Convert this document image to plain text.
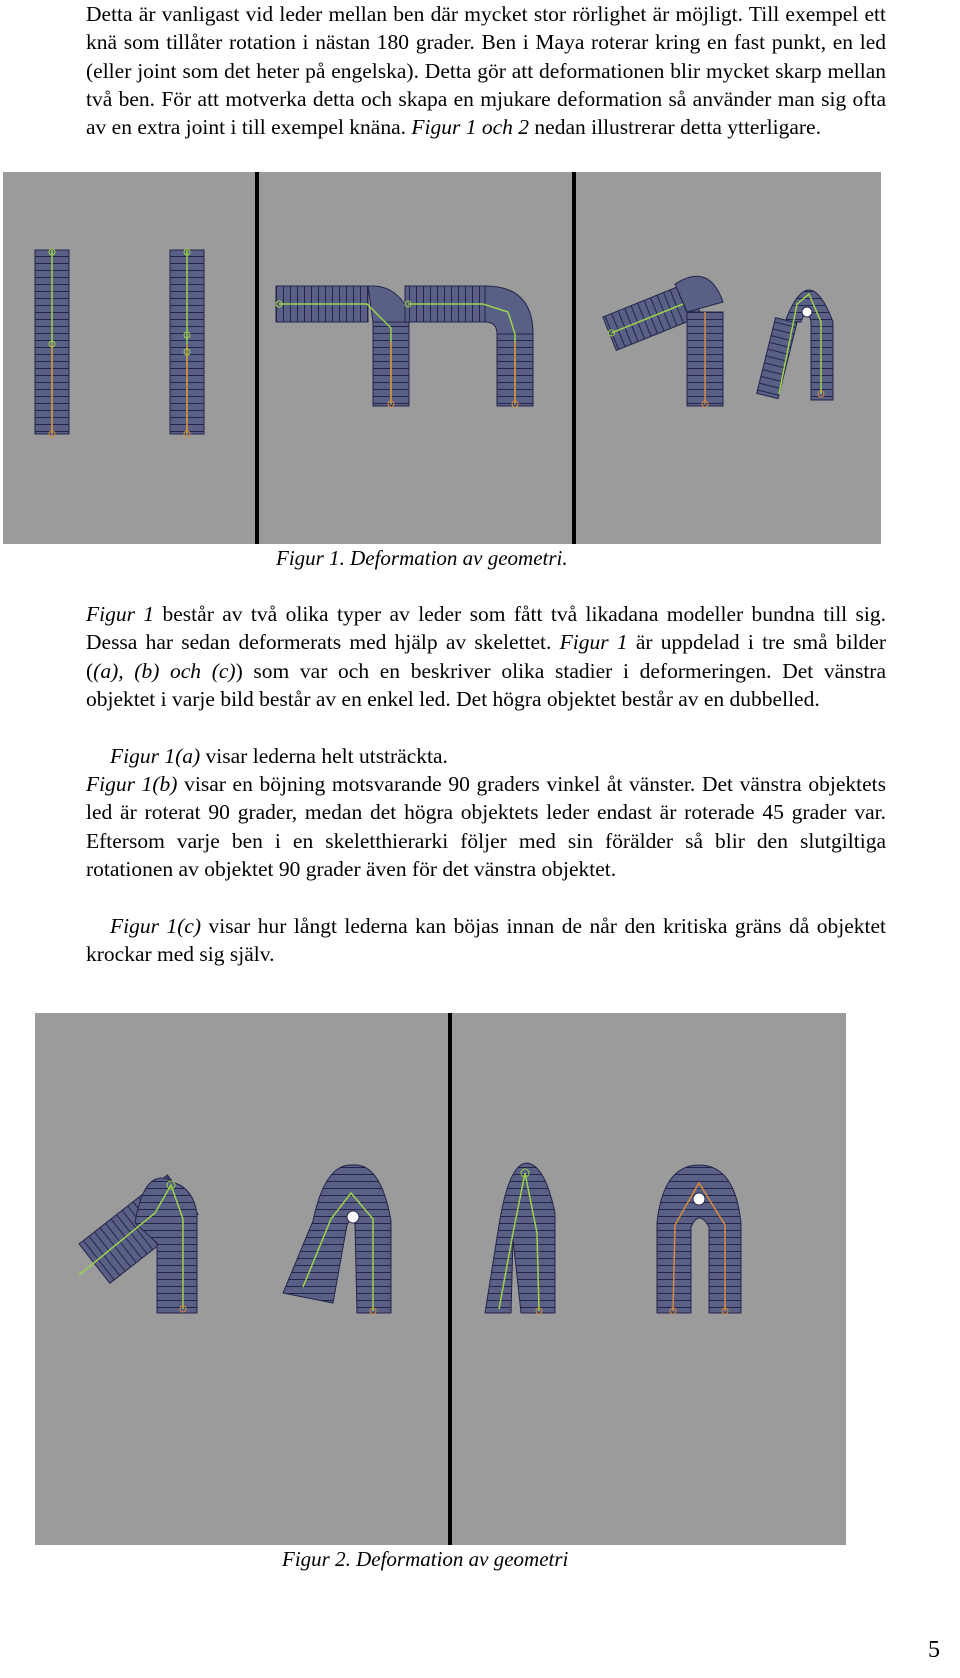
Detta är vanligast vid leder mellan ben där mycket stor rörlighet är möjligt. Till exempel ett knä som tillåter rotation i nästan 180 grader. Ben i Maya roterar kring en fast punkt, en led (eller joint som det heter på engelska). Detta gör att deformationen blir mycket skarp mellan två ben. För att motverka detta och skapa en mjukare deformation så använder man sig ofta av en extra joint i till exempel knäna. Figur 1 och 2 nedan illustrerar detta ytterligare.

Figur 1. Deformation av geometri.

Figur 1 består av två olika typer av leder som fått två likadana modeller bundna till sig. Dessa har sedan deformerats med hjälp av skelettet. Figur 1 är uppdelad i tre små bilder ((a), (b) och (c)) som var och en beskriver olika stadier i deformeringen. Det vänstra objektet i varje bild består av en enkel led. Det högra objektet består av en dubbelled.

Figur 1(a) visar lederna helt utsträckta.

Figur 1(b) visar en böjning motsvarande 90 graders vinkel åt vänster. Det vänstra objektets led är roterat 90 grader, medan det högra objektets leder endast är roterade 45 grader var. Eftersom varje ben i en skeletthierarki följer med sin förälder så blir den slutgiltiga rotationen av objektet 90 grader även för det vänstra objektet.

Figur 1(c) visar hur långt lederna kan böjas innan de når den kritiska gräns då objektet krockar med sig själv.

Figur 2. Deformation av geometri

5
